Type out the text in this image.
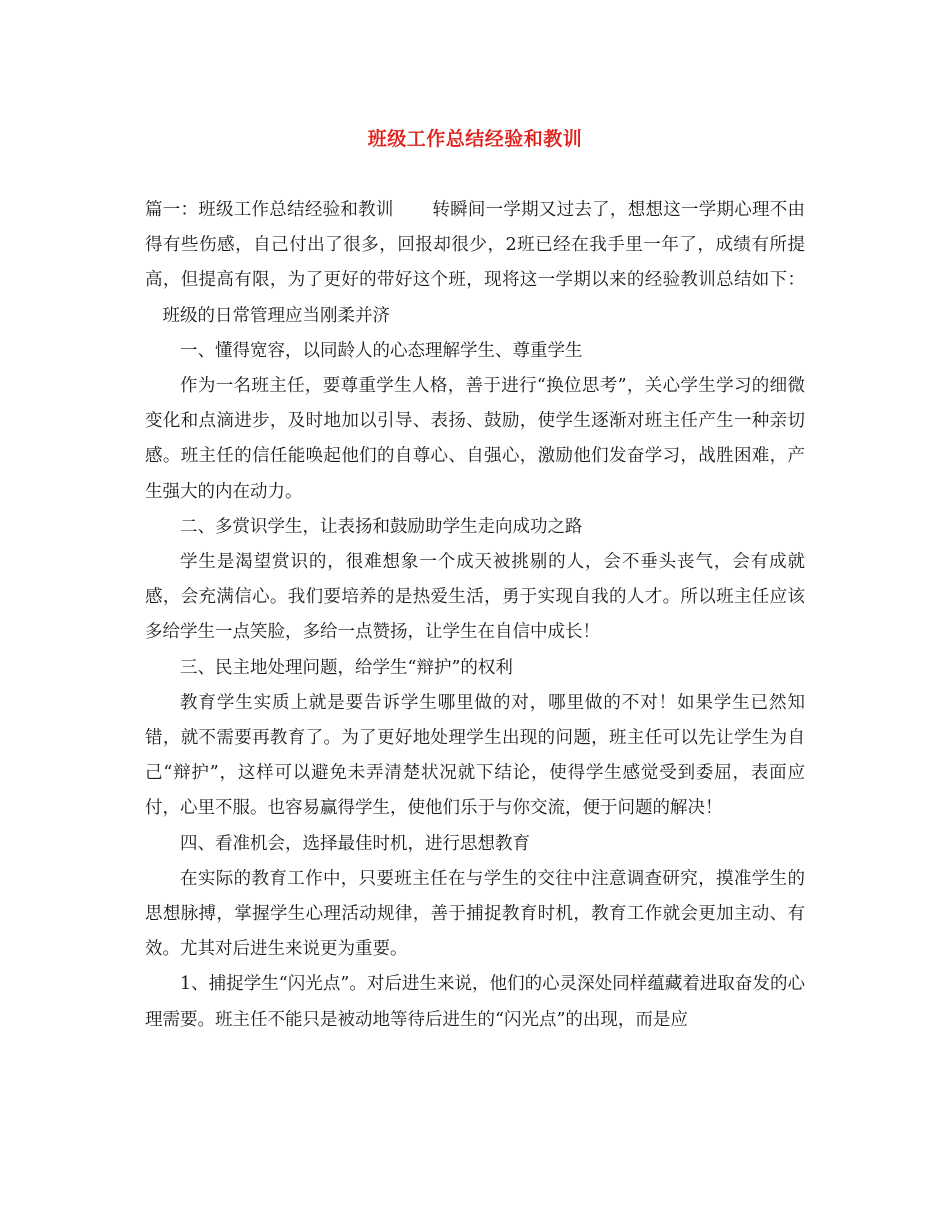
班级工作总结经验和教训

篇一：班级工作总结经验和教训 转瞬间一学期又过去了，想想这一学期心理不由得有些伤感，自己付出了很多，回报却很少，2班已经在我手里一年了，成绩有所提高，但提高有限，为了更好的带好这个班，现将这一学期以来的经验教训总结如下：班级的日常管理应当刚柔并济

一、懂得宽容，以同龄人的心态理解学生、尊重学生

作为一名班主任，要尊重学生人格，善于进行“换位思考”，关心学生学习的细微变化和点滴进步，及时地加以引导、表扬、鼓励，使学生逐渐对班主任产生一种亲切感。班主任的信任能唤起他们的自尊心、自强心，激励他们发奋学习，战胜困难，产生强大的内在动力。

二、多赏识学生，让表扬和鼓励助学生走向成功之路

学生是渴望赏识的，很难想象一个成天被挑剔的人，会不垂头丧气，会有成就感，会充满信心。我们要培养的是热爱生活，勇于实现自我的人才。所以班主任应该多给学生一点笑脸，多给一点赞扬，让学生在自信中成长！

三、民主地处理问题，给学生“辩护”的权利

教育学生实质上就是要告诉学生哪里做的对，哪里做的不对！如果学生已然知错，就不需要再教育了。为了更好地处理学生出现的问题，班主任可以先让学生为自己“辩护”，这样可以避免未弄清楚状况就下结论，使得学生感觉受到委屈，表面应付，心里不服。也容易赢得学生，使他们乐于与你交流，便于问题的解决！

四、看准机会，选择最佳时机，进行思想教育

在实际的教育工作中，只要班主任在与学生的交往中注意调查研究，摸准学生的思想脉搏，掌握学生心理活动规律，善于捕捉教育时机，教育工作就会更加主动、有效。尤其对后进生来说更为重要。

1、捕捉学生“闪光点”。对后进生来说，他们的心灵深处同样蕴藏着进取奋发的心理需要。班主任不能只是被动地等待后进生的“闪光点”的出现，而是应
